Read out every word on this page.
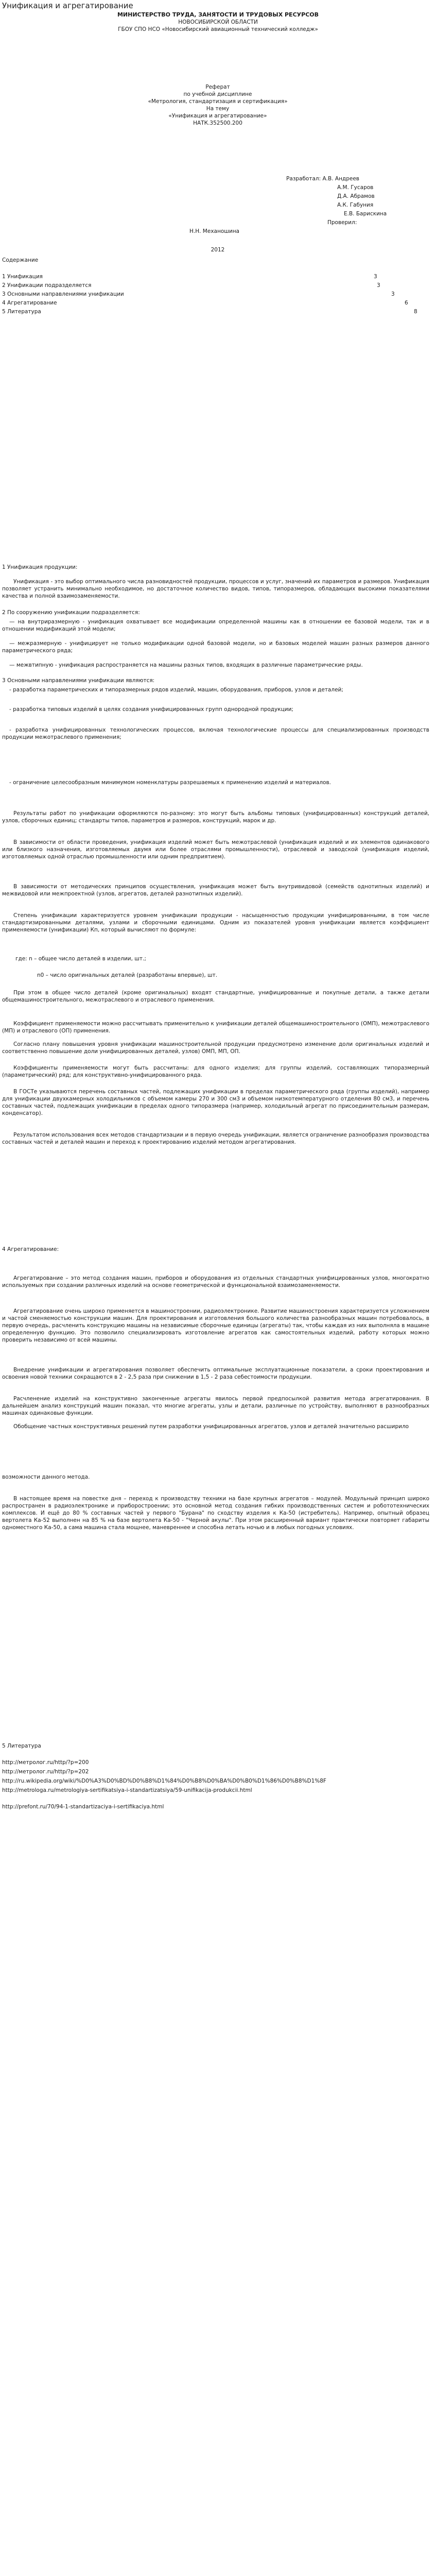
Унификация и агрегатирование
МИНИСТЕРСТВО ТРУДА, ЗАНЯТОСТИ И ТРУДОВЫХ РЕСУРСОВ
НОВОСИБИРСКОЙ ОБЛАСТИ
ГБОУ СПО НСО «Новосибирский авиационный технический колледж»
Реферат
по учебной дисциплине
«Метрология, стандартизация и сертификация»
На тему
«Унификация и агрегатирование»
НАТК.352500.200
Разработал: А.В. Андреев
А.М. Гусаров
Д.А. Абрамов
А.К. Габуния
Е.В. Барискина
Проверил:
Н.Н. Механошина
2012
Содержание
1 Унификация	3
2 Унификации подразделяется	3
3 Основными направлениями унификации	3
4 Агрегатирование	6
5 Литература	8
1 Унификация продукции:
Унификация - это выбор оптимального числа разновидностей продукции, процессов и услуг, значений их параметров и размеров. Унификация позволяет устранить минимально необходимое, но достаточное количество видов, типов, типоразмеров, обладающих высокими показателями качества и полной взаимозаменяемости.
2 По сооружению унификации подразделяется:
— на внутриразмерную - унификация охватывает все модификации определенной машины как в отношении ее базовой модели, так и в отношении модификаций этой модели;
— межразмерную - унифицирует не только модификации одной базовой модели, но и базовых моделей машин разных размеров данного параметрического ряда;
— межвтипную - унификация распространяется на машины разных типов, входящих в различные параметрические ряды.
3 Основными направлениями унификации являются:
- разработка параметрических и типоразмерных рядов изделий, машин, оборудования, приборов, узлов и деталей;
- разработка типовых изделий в целях создания унифицированных групп однородной продукции;
- разработка унифицированных технологических процессов, включая технологические процессы для специализированных производств продукции межотраслевого применения;
- ограничение целесообразным минимумом номенклатуры разрешаемых к применению изделий и материалов.
Результаты работ по унификации оформляются по-разному: это могут быть альбомы типовых (унифицированных) конструкций деталей, узлов, сборочных единиц; стандарты типов, параметров и размеров, конструкций, марок и др.
В зависимости от области проведения, унификация изделий может быть межотраслевой (унификация изделий и их элементов одинакового или близкого назначения, изготовляемых двумя или более отраслями промышленности), отраслевой и заводской (унификация изделий, изготовляемых одной отраслью промышленности или одним предприятием).
В зависимости от методических принципов осуществления, унификация может быть внутривидовой (семейств однотипных изделий) и межвидовой или межпроектной (узлов, агрегатов, деталей разнотипных изделий).
Степень унификации характеризуется уровнем унификации продукции - насыщенностью продукции унифицированными, в том числе стандартизированными деталями, узлами и сборочными единицами. Одним из показателей уровня унификации является коэффициент применяемости (унификации) Кп, который вычисляют по формуле:
где: n – общее число деталей в изделии, шт.;
n0 – число оригинальных деталей (разработаны впервые), шт.
При этом в общее число деталей (кроме оригинальных) входят стандартные, унифицированные и покупные детали, а также детали общемашиностроительного, межотраслевого и отраслевого применения.
Коэффициент применяемости можно рассчитывать применительно к унификации деталей общемашиностроительного (ОМП), межотраслевого (МП) и отраслевого (ОП) применения.
Согласно плану повышения уровня унификации машиностроительной продукции предусмотрено изменение доли оригинальных изделий и соответственно повышение доли унифицированных деталей, узлов) ОМП, МП, ОП.
Коэффициенты применяемости могут быть рассчитаны: для одного изделия; для группы изделий, составляющих типоразмерный (параметрический) ряд; для конструктивно-унифицированного ряда.
В ГОСТе указываются перечень составных частей, подлежащих унификации в пределах параметрического ряда (группы изделий), например для унификации двухкамерных холодильников с объемом камеры 270 и 300 см3 и объемом низкотемпературного отделения 80 см3, и перечень составных частей, подлежащих унификации в пределах одного типоразмера (например, холодильный агрегат по присоединительным размерам, конденсатор).
Результатом использования всех методов стандартизации и в первую очередь унификации, является ограничение разнообразия производства составных частей и деталей машин и переход к проектированию изделий методом агрегатирования.
4 Агрегатирование:
Агрегатирование – это метод создания машин, приборов и оборудования из отдельных стандартных унифицированных узлов, многократно используемых при создании различных изделий на основе геометрической и функциональной взаимозаменяемости.
Агрегатирование очень широко применяется в машиностроении, радиоэлектронике. Развитие машиностроения характеризуется усложнением и частой сменяемостью конструкции машин. Для проектирования и изготовления большого количества разнообразных машин потребовалось, в первую очередь, расчленить конструкцию машины на независимые сборочные единицы (агрегаты) так, чтобы каждая из них выполняла в машине определенную функцию. Это позволило специализировать изготовление агрегатов как самостоятельных изделий, работу которых можно проверить независимо от всей машины.
Внедрение унификации и агрегатирования позволяет обеспечить оптимальные эксплуатационные показатели, а сроки проектирования и освоения новой техники сокращаются в 2 - 2,5 раза при снижении в 1,5 - 2 раза себестоимости продукции.
Расчленение изделий на конструктивно законченные агрегаты явилось первой предпосылкой развития метода агрегатирования. В дальнейшем анализ конструкций машин показал, что многие агрегаты, узлы и детали, различные по устройству, выполняют в разнообразных машинах одинаковые функции.
Обобщение частных конструктивных решений путем разработки унифицированных агрегатов, узлов и деталей значительно расширило
возможности данного метода.
В настоящее время на повестке дня – переход к производству техники на базе крупных агрегатов – модулей. Модульный принцип широко распространен в радиоэлектронике и приборостроении; это основной метод создания гибких производственных систем и робототехнических комплексов. И ещё до 80 % составных частей у первого "Бурана" по сходству изделия к Ка-50 (истребитель). Например, опытный образец вертолета Ка-52 выполнен на 85 % на базе вертолета Ка-50 - "Черной акулы". При этом расширенный вариант практически повторяет габариты одноместного Ка-50, а сама машина стала мощнее, маневреннее и способна летать ночью и в любых погодных условиях.
5 Литература
http://метролог.ru/http/?p=200
http://метролог.ru/http/?p=202
http://ru.wikipedia.org/wiki/%D0%A3%D0%BD%D0%B8%D1%84%D0%B8%D0%BA%D0%B0%D1%86%D0%B8%D1%8F
http://metrologa.ru/metrologiya-sertifikatsiya-i-standartizatsiya/59-unifikacija-produkcii.html
http://prefont.ru/70/94-1-standartizaciya-i-sertifikaciya.html
